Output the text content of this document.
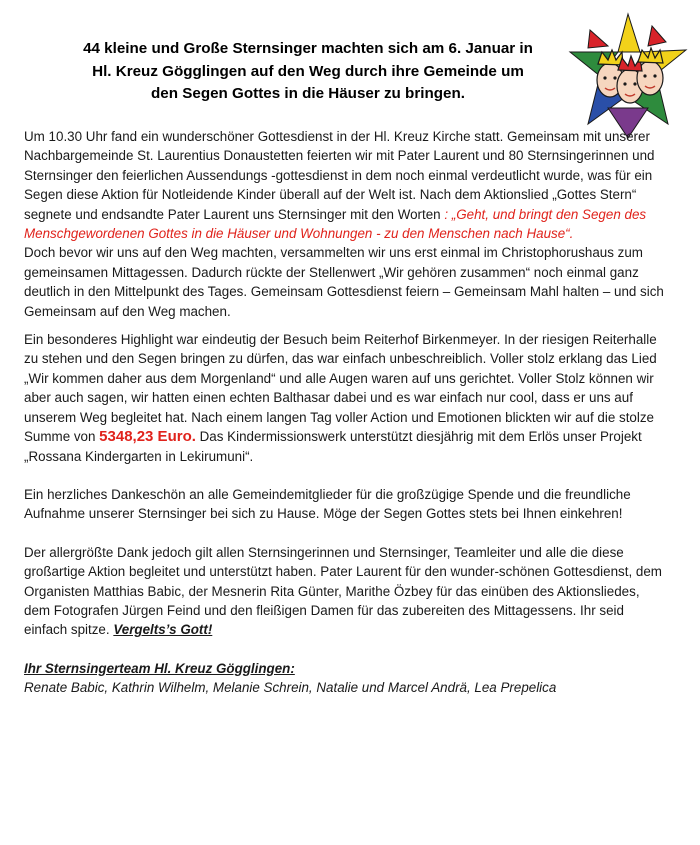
44 kleine und Große Sternsinger machten sich am 6. Januar in
Hl. Kreuz Gögglingen auf den Weg durch ihre Gemeinde um
den Segen Gottes in die Häuser zu bringen.

Um 10.30 Uhr fand ein wunderschöner Gottesdienst in der Hl. Kreuz Kirche statt. Gemeinsam mit unserer Nachbargemeinde St. Laurentius Donaustetten feierten wir mit Pater Laurent und 80 Sternsingerinnen und Sternsinger den feierlichen Aussendungs -gottesdienst in dem noch einmal verdeutlicht wurde, was für ein Segen diese Aktion für Notleidende Kinder überall auf der Welt ist. Nach dem Aktionslied „Gottes Stern“ segnete und endsandte Pater Laurent uns Sternsinger mit den Worten : „Geht, und bringt den Segen des Menschgewordenen Gottes in die Häuser und Wohnungen - zu den Menschen nach Hause“.

Doch bevor wir uns auf den Weg machten, versammelten wir uns erst einmal im Christophorushaus zum gemeinsamen Mittagessen. Dadurch rückte der Stellenwert „Wir gehören zusammen“ noch einmal ganz deutlich in den Mittelpunkt des Tages. Gemeinsam Gottesdienst feiern – Gemeinsam Mahl halten – und sich Gemeinsam auf den Weg machen.

Ein besonderes Highlight war eindeutig der Besuch beim Reiterhof Birkenmeyer. In der riesigen Reiterhalle zu stehen und den Segen bringen zu dürfen, das war einfach unbeschreiblich. Voller stolz erklang das Lied „Wir kommen daher aus dem Morgenland“ und alle Augen waren auf uns gerichtet. Voller Stolz können wir aber auch sagen, wir hatten einen echten Balthasar dabei und es war einfach nur cool, dass er uns auf unserem Weg begleitet hat. Nach einem langen Tag voller Action und Emotionen blickten wir auf die stolze Summe von 5348,23 Euro. Das Kindermissionswerk unterstützt diesjährig mit dem Erlös unser Projekt „Rossana Kindergarten in Lekirumuni“.

Ein herzliches Dankeschön an alle Gemeindemitglieder für die großzügige Spende und die freundliche Aufnahme unserer Sternsinger bei sich zu Hause. Möge der Segen Gottes stets bei Ihnen einkehren!

Der allergrößte Dank jedoch gilt allen Sternsingerinnen und Sternsinger, Teamleiter und alle die diese großartige Aktion begleitet und unterstützt haben. Pater Laurent für den wunder-schönen Gottesdienst, dem Organisten Matthias Babic, der Mesnerin Rita Günter, Marithe Özbey für das einüben des Aktionsliedes, dem Fotografen Jürgen Feind und den fleißigen Damen für das zubereiten des Mittagessens. Ihr seid einfach spitze. Vergelts’s Gott!

Ihr Sternsingerteam Hl. Kreuz Gögglingen:

Renate Babic, Kathrin Wilhelm, Melanie Schrein, Natalie und Marcel Andrä, Lea Prepelica
